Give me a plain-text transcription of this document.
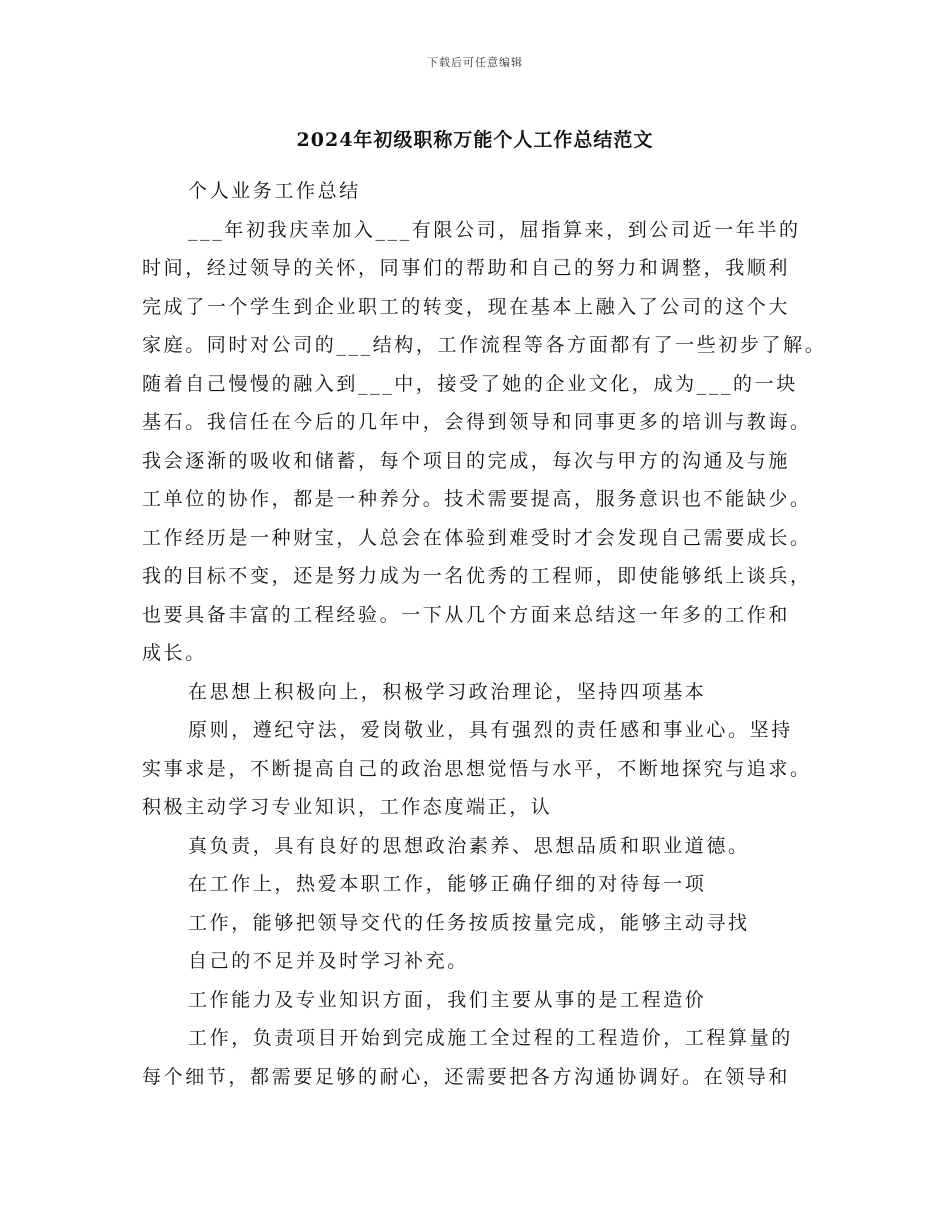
下载后可任意编辑
2024年初级职称万能个人工作总结范文
个人业务工作总结
___年初我庆幸加入___有限公司，屈指算来，到公司近一年半的
时间，经过领导的关怀，同事们的帮助和自己的努力和调整，我顺利
完成了一个学生到企业职工的转变，现在基本上融入了公司的这个大
家庭。同时对公司的___结构，工作流程等各方面都有了一些初步了解。
随着自己慢慢的融入到___中，接受了她的企业文化，成为___的一块
基石。我信任在今后的几年中，会得到领导和同事更多的培训与教诲。
我会逐渐的吸收和储蓄，每个项目的完成，每次与甲方的沟通及与施
工单位的协作，都是一种养分。技术需要提高，服务意识也不能缺少。
工作经历是一种财宝，人总会在体验到难受时才会发现自己需要成长。
我的目标不变，还是努力成为一名优秀的工程师，即使能够纸上谈兵，
也要具备丰富的工程经验。一下从几个方面来总结这一年多的工作和
成长。
在思想上积极向上，积极学习政治理论，坚持四项基本
原则，遵纪守法，爱岗敬业，具有强烈的责任感和事业心。坚持
实事求是，不断提高自己的政治思想觉悟与水平，不断地探究与追求。
积极主动学习专业知识，工作态度端正，认
真负责，具有良好的思想政治素养、思想品质和职业道德。
在工作上，热爱本职工作，能够正确仔细的对待每一项
工作，能够把领导交代的任务按质按量完成，能够主动寻找
自己的不足并及时学习补充。
工作能力及专业知识方面，我们主要从事的是工程造价
工作，负责项目开始到完成施工全过程的工程造价，工程算量的
每个细节，都需要足够的耐心，还需要把各方沟通协调好。在领导和
